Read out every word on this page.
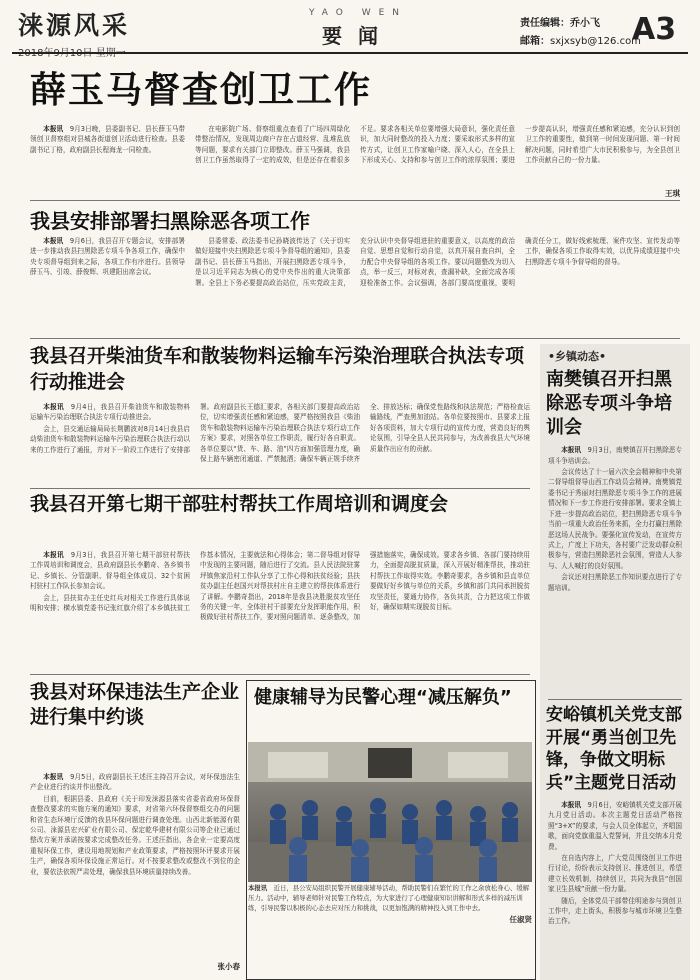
涞源风采	YAO WEN
要闻
责任编辑：乔小飞
邮箱：sxjxsyb@126.com
A3
薛玉马督查创卫工作

本报讯　 9月3日晚，县委副书记、县长薛玉马带领创卫督察组对县城各街道创卫活动进行检查。县委副书记丁格，政府副县长程海龙一同检查。

在电影院广场、督察组重点查看了广场四周绿化带整治情况，发现周边商户存在占道经营、乱堆乱放等问题，要求有关部门立即整改。薛玉马强调，我县创卫工作虽然取得了一定的成效，但是还存在着很多不足。要求各相关单位要增强大局意识，强化责任意识，加大同时整改的投入力度；要采取形式多样的宣传方式，让创卫工作家喻户晓、深入人心，在全县上下形成关心、支持和参与创卫工作的浓厚氛围；要进一步提高认识，增强责任感和紧迫感，充分认识到创卫工作的重要性，做到第一时间发现问题、第一时间解决问题，同时希望广大市民积极参与，为全县创卫工作贡献自己的一份力量。

王琪
我县安排部署扫黑除恶各项工作

本报讯　 9月6日，我县召开专题会议，安排部署进一步推动我县扫黑除恶专项斗争各项工作，确保中央专项督导组到来之际，各项工作有序进行。县领导薛玉马、引竣、薛俊辉、巩建阳出席会议。

县委常委、政法委书记孙晓波传达了《关于切实做好迎接中央扫黑除恶专项斗争督导组的通知》，县委副书记、县长薛玉马指出，开展扫黑除恶专项斗争，是以习近平同志为核心的党中央作出的重大决策部署。全县上下务必要提高政治站位，压实党政主责，充分认识中央督导组进驻的重要意义，以高度的政治自觉、思想自觉和行动自觉，以真开展自查自纠，全力配合中央督导组的各项工作。要以问题整改为切入点，举一反三，对标对表，查漏补缺，全面完成各项迎检准备工作。会议强调，各部门要高度重视，要明确责任分工，做好线索梳理、案件攻坚、宣传发动等工作，确保各项工作取得实效，以优异成绩迎接中央扫黑除恶专项斗争督导组的督导。

我县召开柴油货车和散装物料运输车污染治理联合执法专项行动推进会

本报讯　 9月4日，我县召开柴油货车和散装物料运输车污染治理联合执法专项行动推进会。

会上，县交通运输局局长荆鹏波对8月14日我县启动柴油货车和散装物料运输车污染治理联合执法行动以来的工作进行了通报，并对下一阶段工作进行了安排部署。政府副县长王德汇要求，各相关部门要提高政治站位，切实增强责任感和紧迫感，要严格按照我县《柴油货车和散装物料运输车污染治理联合执法专项行动工作方案》要求，对照各单位工作职责，履行好各自职责。各单位要以“货、车、路、油”四方面加强管理力度，确保上路车辆密闭通道、严禁抛洒；确保车辆正规手续齐全、排放达标；确保党性路线和执法规范；严格检查运输路线，严查黑加油站。各单位要按照市、县要求上报好各项资料，加大专项行动的宣传力度，营造良好的舆论氛围，引导全县人民共同参与，为改善我县大气环境质量作出应有的贡献。

我县召开第七期干部驻村帮扶工作周培训和调度会

本报讯　 9月3日，我县召开第七期干部驻村帮扶工作周培训和调度会，县政府副县长李鹏奇、各乡镇书记、乡镇长、分管副职、督导组全体成员、32个贫困村驻村工作队长参加会议。

会上，县扶贫办主任史红兵对相关工作进行具体说明和安排；横水镇党委书记张红旗介绍了本乡镇扶贫工作基本情况，主要就法和心得体会；第二督导组对督导中发现的主要问题，随后进行了交流。县人民法院驻雾坪镇焦家沿村工作队分享了工作心得和扶贫经验；县扶贫办副主任赵国兴对帮扶村庄自主建立的帮扶体系进行了讲解。李鹏奇指出，2018年是我县决胜脱贫攻坚任务的关键一年，全体驻村干部要充分发挥职能作用，积极做好驻村帮扶工作，要对照问题清单、逐条整改，加强措施落实，确保成效。要求各乡镇、各部门要持续用力，全面提高脱贫质量，深入开展好精准帮扶，推动驻村帮扶工作取得实效。李鹏奇要求，各乡镇和县直单位要做好好乡镇与单位的关系，乡镇和部门共同承担脱贫攻坚责任，要通力协作，各负其责，合力把这项工作做好，确保如期实现脱贫目标。

我县对环保违法生产企业进行集中约谈

本报讯　 9月5日，政府副县长王述汪主持召开会议，对环保违法生产企业进行约谈并作出整改。

目前，根据县委、县政府《关于印发涞源县落实省委省政府环保督查整改要求的实施方案的通知》要求，对省第六环保督察组交办的问题和省生态环境厅反馈的我县环保问题进行调查处理。山西北新能源有限公司、涞源县宏兴矿业有限公司、保定乾华建材有限公司等企业已通过整改方案并承诺按要求完成整改任务。王述汪指出，各企业一定要高度重视环保工作，建设用地规划和产业政策要求，严格按照环评要求开展生产，确保各项环保设施正常运行。对不按要求整改或整改不到位的企业，要依法依规严肃处理，确保我县环境质量持续改善。

张小春
健康辅导为民警心理“减压解负”
本报讯　 近日，县公安局组织民警开展健康辅导活动，帮助民警们在繁忙的工作之余放松身心、缓解压力。活动中，辅导老师针对民警工作特点，为大家进行了心理健康知识讲解和形式多样的减压训练，引导民警以积极的心态去应对压力和挑战，以更加饱满的精神投入到工作中去。
任淑贤
•乡镇动态•
南樊镇召开扫黑除恶专项斗争培训会

本报讯　 9月3日，南樊镇召开扫黑除恶专项斗争培训会。

会议传达了十一届六次全会精神和中央第二督导组督导山西工作动员会精神。南樊镇党委书记于秀丽对扫黑除恶专项斗争工作的进展情况和下一步工作进行安排部署。要求全镇上下进一步提高政治站位，把扫黑除恶专项斗争当前一项重大政治任务来抓，全力打赢扫黑除恶这场人民战争。要强化宣传发动，在宣传方式上，广度上下功夫，各村要广泛发动群众积极参与，营造扫黑除恶社会氛围，营造人人参与、人人喊打的良好氛围。

会议还对扫黑除恶工作知识要点进行了专题培训。

安峪镇机关党支部开展“勇当创卫先锋，争做文明标兵”主题党日活动

本报讯　 9月6日，安峪镇机关党支部开展九月党日活动。本次主题党日活动严格按照“3+X”的要求，与会人员全体起立，齐唱国歌，面向党旗重温入党誓词，并且交纳本月党费。

在自选内容上，广大党员围绕创卫工作进行讨论，纷纷表示支持创卫、推进创卫，希望建立长效机制，持续创卫，共同为我县“创国家卫生县城”贡献一份力量。

随后，全体党员干部带佳明途参与到创卫工作中，走上街头，积极参与城市环境卫生整治工作。
